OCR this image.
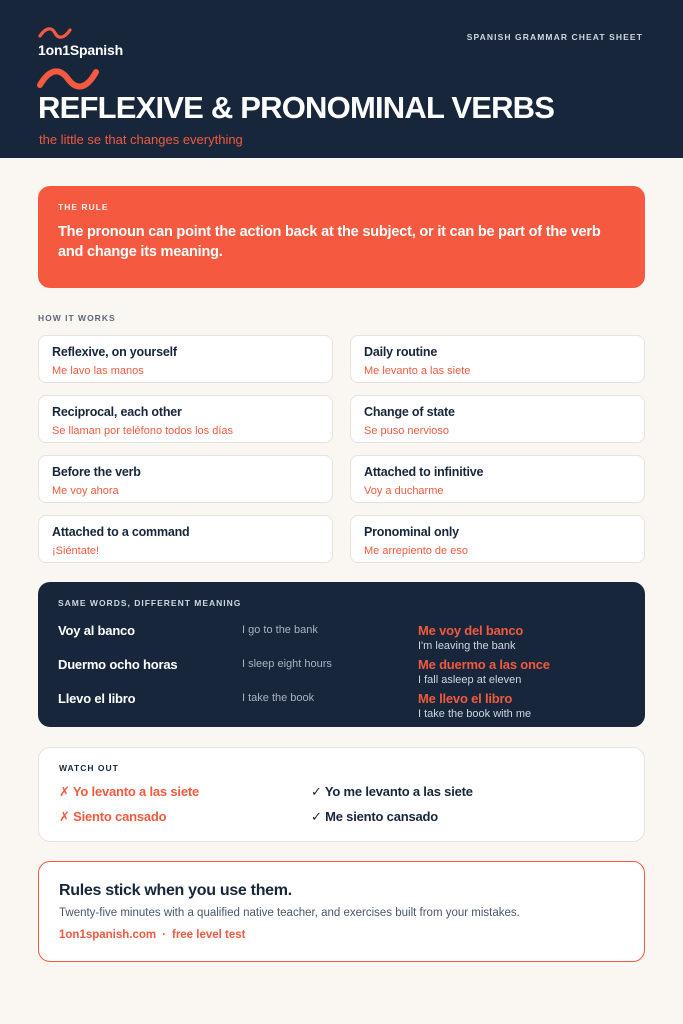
1on1Spanish
SPANISH GRAMMAR CHEAT SHEET
REFLEXIVE & PRONOMINAL VERBS
the little se that changes everything
THE RULE
The pronoun can point the action back at the subject, or it can be part of the verb and change its meaning.
HOW IT WORKS
Reflexive, on yourself
Me lavo las manos
Daily routine
Me levanto a las siete
Reciprocal, each other
Se llaman por teléfono todos los días
Change of state
Se puso nervioso
Before the verb
Me voy ahora
Attached to infinitive
Voy a ducharme
Attached to a command
¡Siéntate!
Pronominal only
Me arrepiento de eso
SAME WORDS, DIFFERENT MEANING
Voy al banco	I go to the bank	Me voy del banco
I'm leaving the bank
Duermo ocho horas	I sleep eight hours	Me duermo a las once
I fall asleep at eleven
Llevo el libro	I take the book	Me llevo el libro
I take the book with me
WATCH OUT
✗ Yo levanto a las siete	✓ Yo me levanto a las siete
✗ Siento cansado	✓ Me siento cansado
Rules stick when you use them.
Twenty-five minutes with a qualified native teacher, and exercises built from your mistakes.
1on1spanish.com · free level test
